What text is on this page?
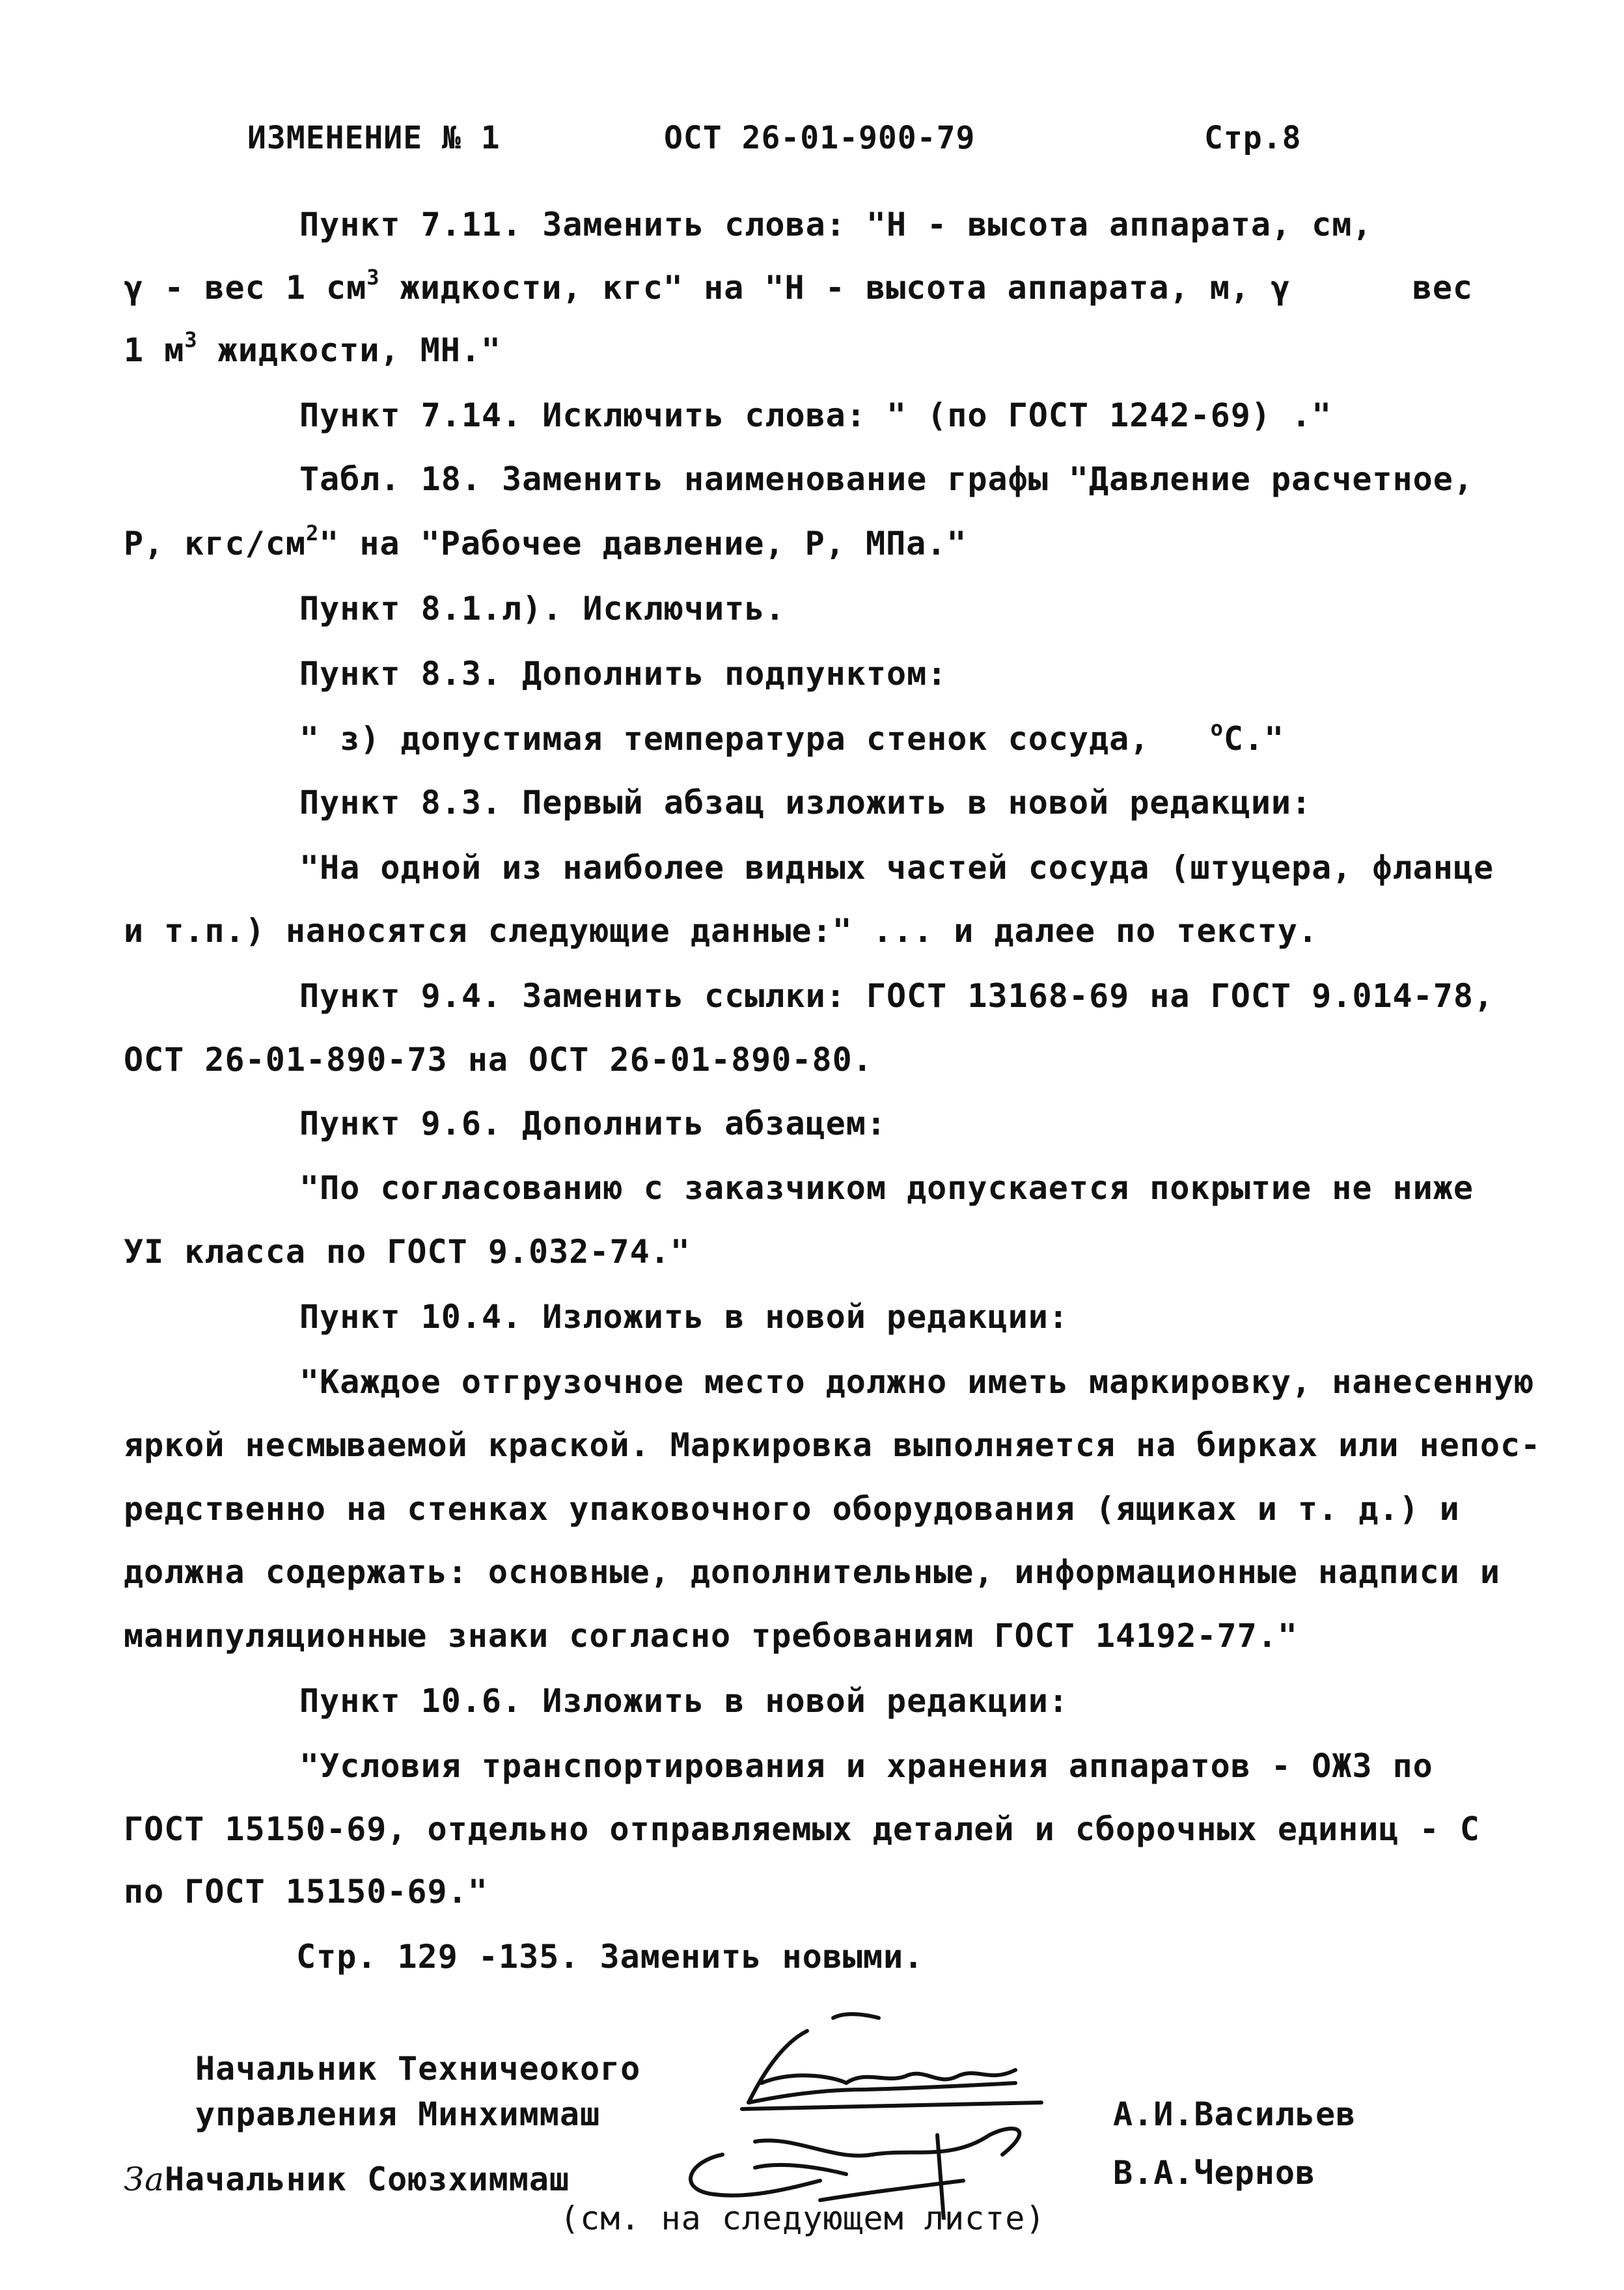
ИЗМЕНЕНИЕ № 1	ОСТ 26-01-900-79	Стр.8
Пункт 7.11. Заменить слова: "Н - высота аппарата, см,
γ - вес 1 $см^3$ жидкости, кгс" на "Н - высота аппарата, м, γ      вес
1 $м^3$ жидкости, МН."
Пункт 7.14. Исключить слова: " (по ГОСТ 1242-69) ."
Табл. 18. Заменить наименование графы "Давление расчетное,
Р, кгс/$см^2$" на "Рабочее давление, Р, МПа."
Пункт 8.1.л). Исключить.
Пункт 8.3. Дополнить подпунктом:
" з) допустимая температура стенок сосуда,   $^о$С."
Пункт 8.3. Первый абзац изложить в новой редакции:
"На одной из наиболее видных частей сосуда (штуцера, фланце
и т.п.) наносятся следующие данные:" ... и далее по тексту.
Пункт 9.4. Заменить ссылки: ГОСТ 13168-69 на ГОСТ 9.014-78,
ОСТ 26-01-890-73 на ОСТ 26-01-890-80.
Пункт 9.6. Дополнить абзацем:
"По согласованию с заказчиком допускается покрытие не ниже
УI класса по ГОСТ 9.032-74."
Пункт 10.4. Изложить в новой редакции:
"Каждое отгрузочное место должно иметь маркировку, нанесенную
яркой несмываемой краской. Маркировка выполняется на бирках или непос-
редственно на стенках упаковочного оборудования (ящиках и т. д.) и
должна содержать: основные, дополнительные, информационные надписи и
манипуляционные знаки согласно требованиям ГОСТ 14192-77."
Пункт 10.6. Изложить в новой редакции:
"Условия транспортирования и хранения аппаратов - ОЖ3 по
ГОСТ 15150-69, отдельно отправляемых деталей и сборочных единиц - С
по ГОСТ 15150-69."
Стр. 129 -135. Заменить новыми.
Начальник Техничеокого
управления Минхиммаш
ЗаНачальник Союзхиммаш
А.И.Васильев
В.А.Чернов
(см. на следующем листе)
